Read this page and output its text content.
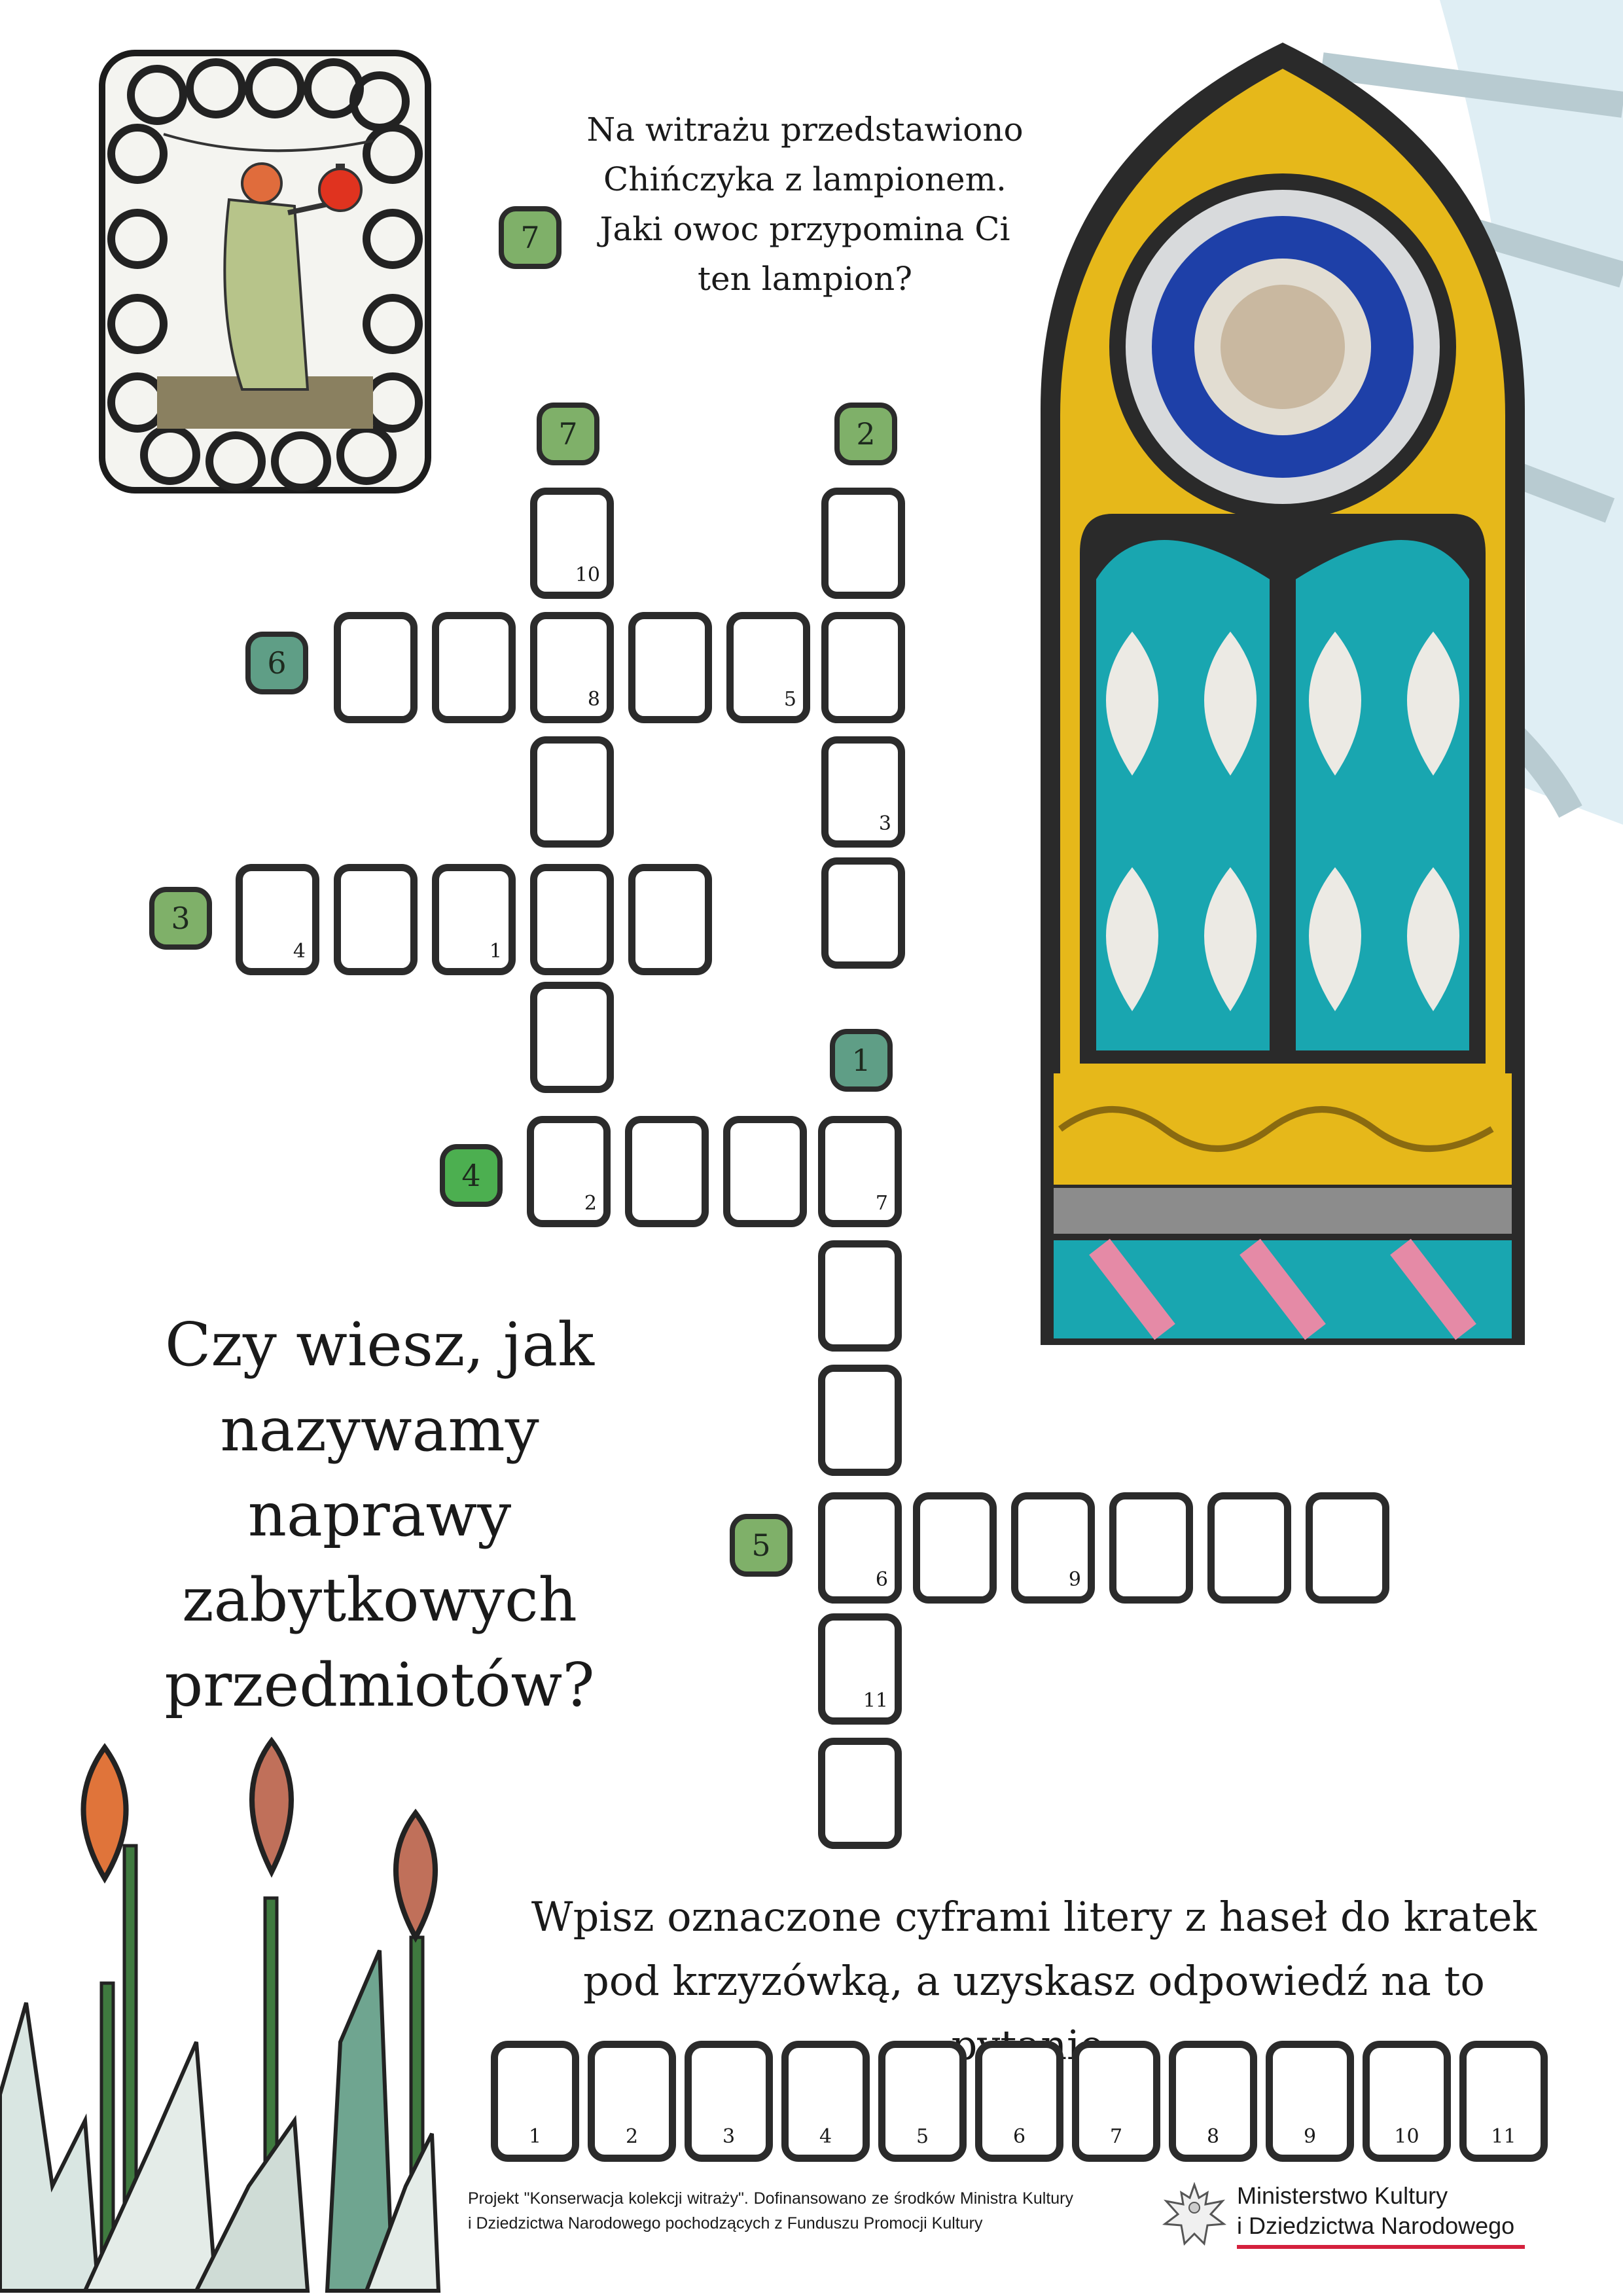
7
Na witrażu przedstawiono Chińczyka z lampionem. Jaki owoc przypomina Ci ten lampion?
7	2
6
3
1
4
5
10
8	5
3
4	1
2	7
11
6	9
Czy wiesz, jak nazywamy naprawy zabytkowych przedmiotów?
Wpisz oznaczone cyframi litery z haseł do kratek pod krzyzówką, a uzyskasz odpowiedź na to
1	2	3	4	5	6	7	8	9	10	11
Projekt "Konserwacja kolekcji witraży". Dofinansowano ze środków Ministra Kultury i Dziedzictwa Narodowego pochodzących z Funduszu Promocji Kultury
Ministerstwo Kultury
i Dziedzictwa Narodowego
